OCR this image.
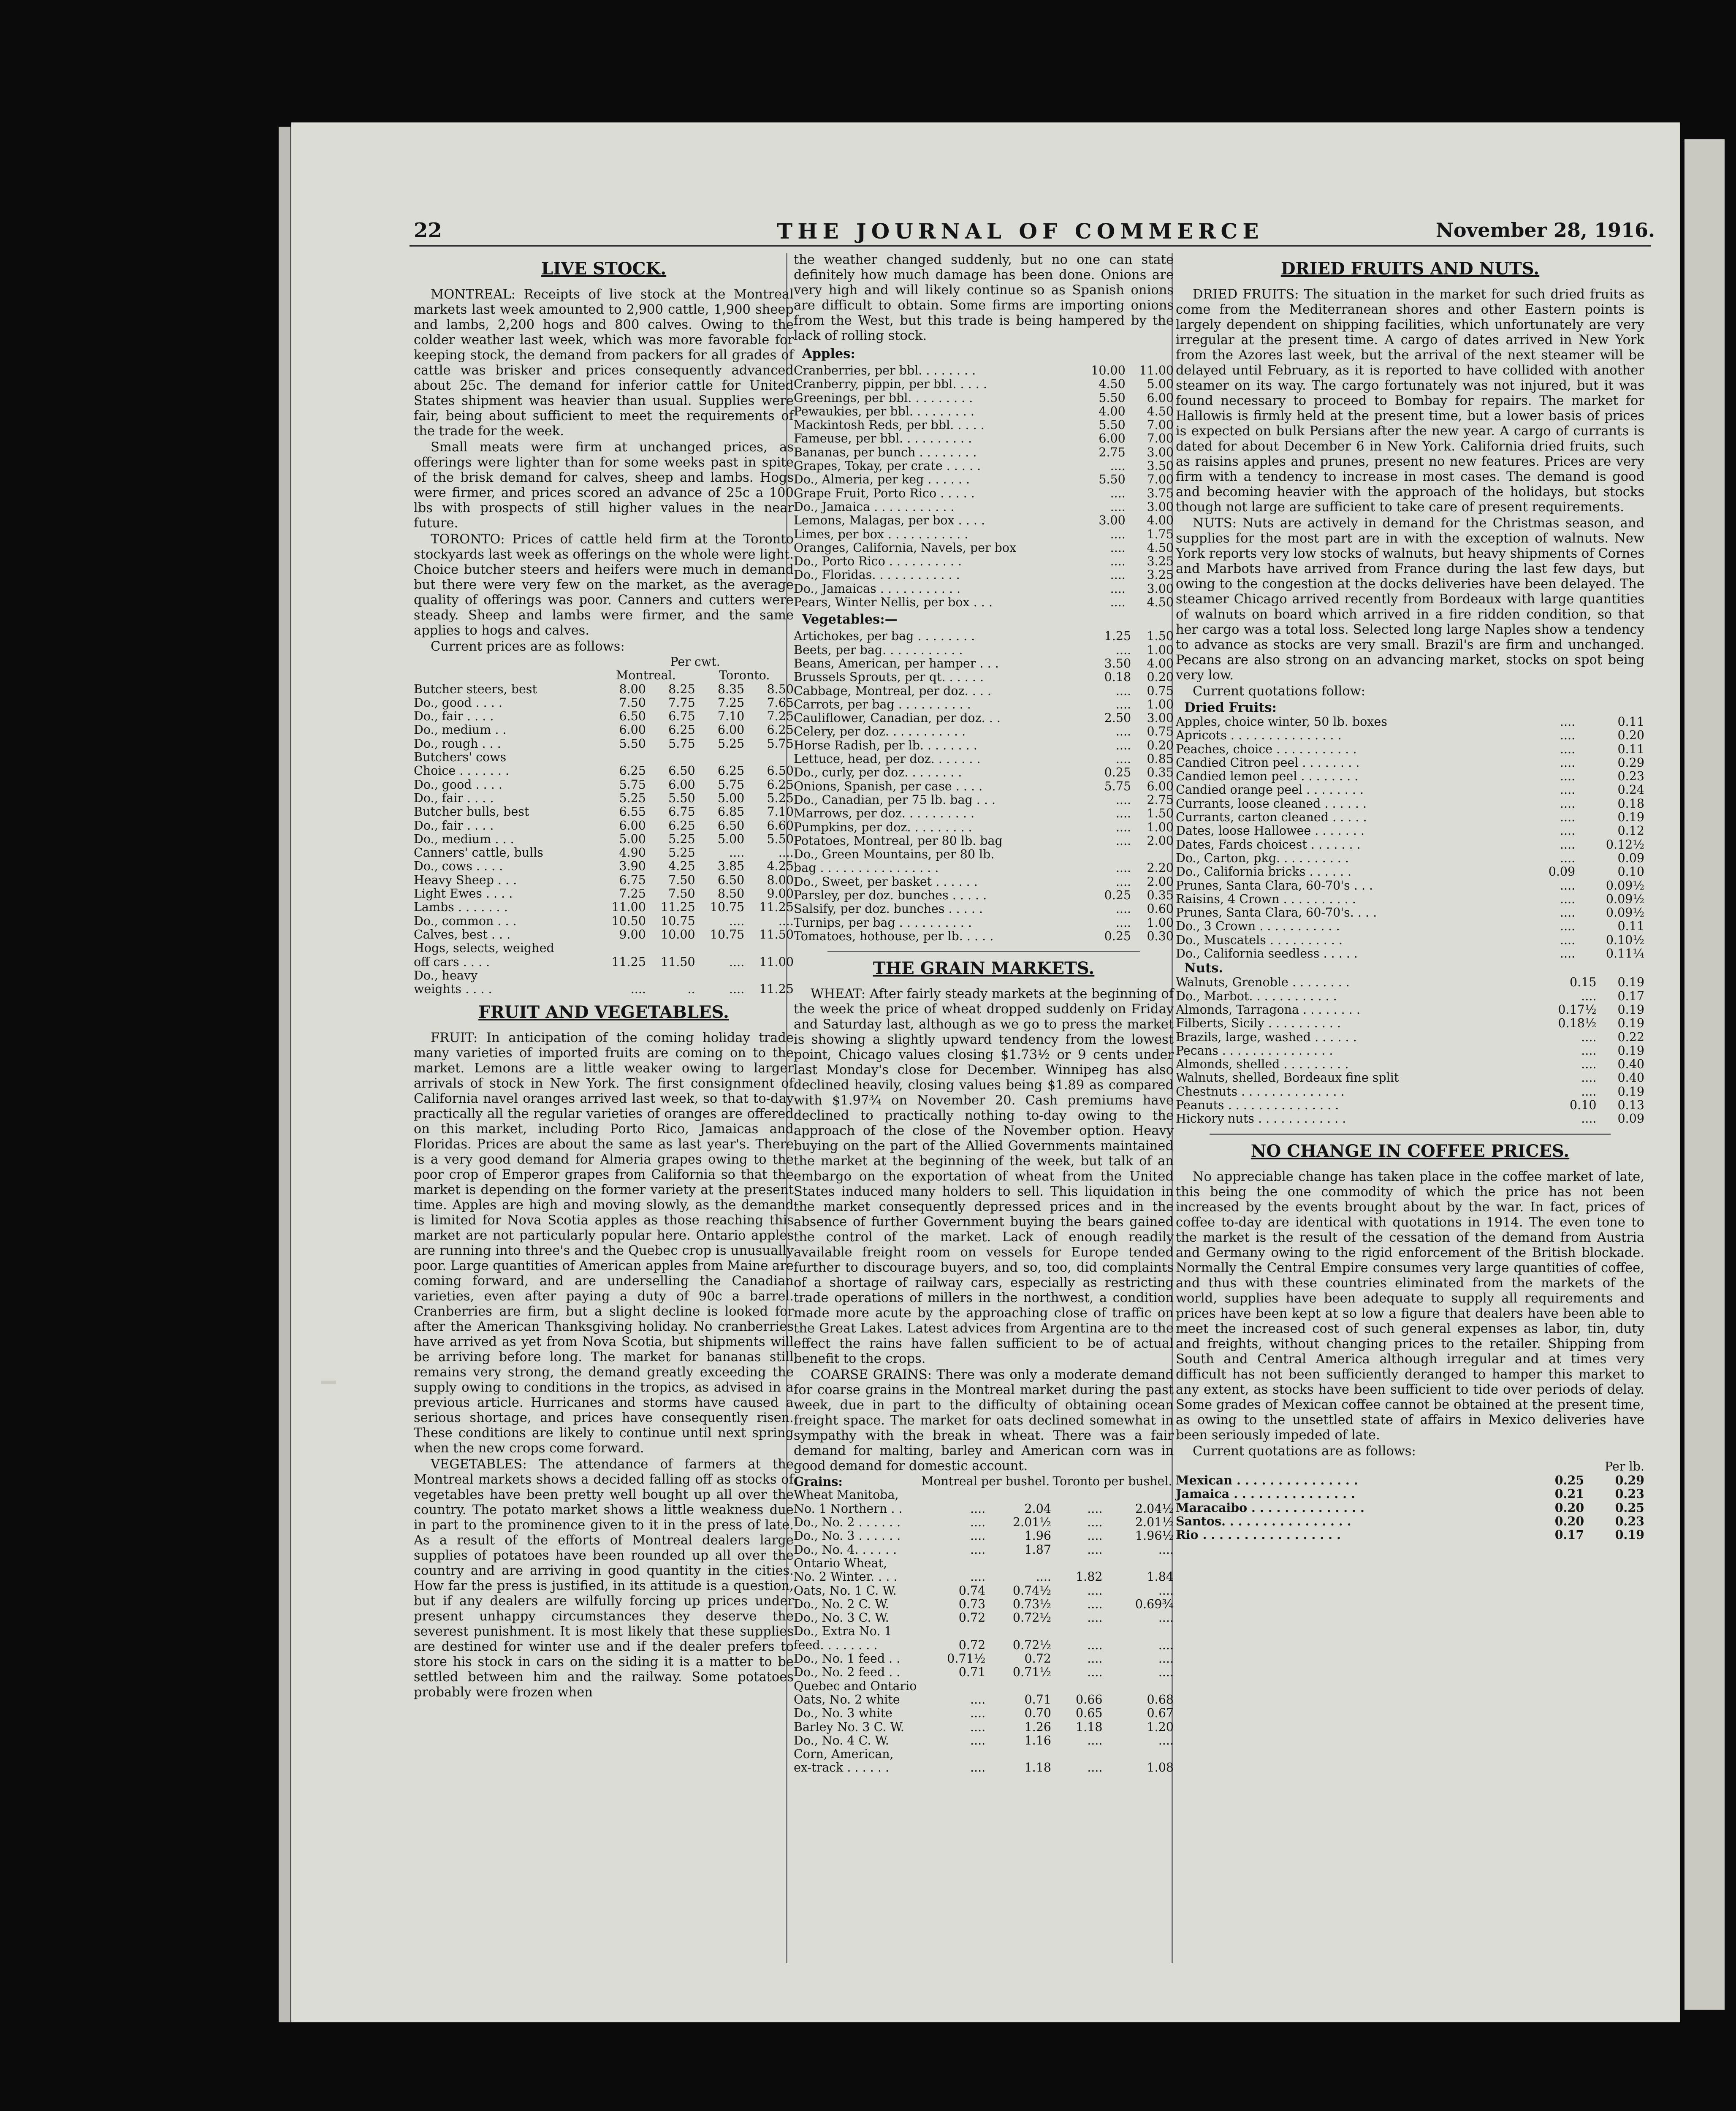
22	THE JOURNAL OF COMMERCE	November 28, 1916.
LIVE STOCK.

MONTREAL: Receipts of live stock at the Montreal markets last week amounted to 2,900 cattle, 1,900 sheep and lambs, 2,200 hogs and 800 calves. Owing to the colder weather last week, which was more favorable for keeping stock, the demand from packers for all grades of cattle was brisker and prices consequently advanced about 25c. The demand for inferior cattle for United States shipment was heavier than usual. Supplies were fair, being about sufficient to meet the requirements of the trade for the week.

Small meats were firm at unchanged prices, as offerings were lighter than for some weeks past in spite of the brisk demand for calves, sheep and lambs. Hogs were firmer, and prices scored an advance of 25c a 100 lbs with prospects of still higher values in the near future.

TORONTO: Prices of cattle held firm at the Toronto stockyards last week as offerings on the whole were light. Choice butcher steers and heifers were much in demand but there were very few on the market, as the average quality of offerings was poor. Canners and cutters were steady. Sheep and lambs were firmer, and the same applies to hogs and calves.

Current prices are as follows:

	Per cwt.			
	Montreal.		Toronto.	
Butcher steers, best	8.00	8.25	8.35	8.50
Do., good . . . .	7.50	7.75	7.25	7.65
Do., fair . . . .	6.50	6.75	7.10	7.25
Do., medium . .	6.00	6.25	6.00	6.25
Do., rough . . .	5.50	5.75	5.25	5.75
Butchers' cows				
Choice . . . . . . .	6.25	6.50	6.25	6.50
Do., good . . . .	5.75	6.00	5.75	6.25
Do., fair . . . .	5.25	5.50	5.00	5.25
Butcher bulls, best	6.55	6.75	6.85	7.10
Do., fair . . . .	6.00	6.25	6.50	6.60
Do., medium . . .	5.00	5.25	5.00	5.50
Canners' cattle, bulls	4.90	5.25	....	....
Do., cows . . . .	3.90	4.25	3.85	4.25
Heavy Sheep . . .	6.75	7.50	6.50	8.00
Light Ewes . . . .	7.25	7.50	8.50	9.00
Lambs . . . . . . .	11.00	11.25	10.75	11.25
Do., common . . .	10.50	10.75	....	....
Calves, best . . .	9.00	10.00	10.75	11.50
Hogs, selects, weighed				
off cars . . . .	11.25	11.50	....	11.00
Do., heavy				
weights . . . .	....	..	....	11.25
FRUIT AND VEGETABLES.

FRUIT: In anticipation of the coming holiday trade many varieties of imported fruits are coming on to the market. Lemons are a little weaker owing to larger arrivals of stock in New York. The first consignment of California navel oranges arrived last week, so that to-day practically all the regular varieties of oranges are offered on this market, including Porto Rico, Jamaicas and Floridas. Prices are about the same as last year's. There is a very good demand for Almeria grapes owing to the poor crop of Emperor grapes from California so that the market is depending on the former variety at the present time. Apples are high and moving slowly, as the demand is limited for Nova Scotia apples as those reaching this market are not particularly popular here. Ontario apples are running into three's and the Quebec crop is unusually poor. Large quantities of American apples from Maine are coming forward, and are underselling the Canadian varieties, even after paying a duty of 90c a barrel. Cranberries are firm, but a slight decline is looked for after the American Thanksgiving holiday. No cranberries have arrived as yet from Nova Scotia, but shipments will be arriving before long. The market for bananas still remains very strong, the demand greatly exceeding the supply owing to conditions in the tropics, as advised in a previous article. Hurricanes and storms have caused a serious shortage, and prices have consequently risen. These conditions are likely to continue until next spring when the new crops come forward.

VEGETABLES: The attendance of farmers at the Montreal markets shows a decided falling off as stocks of vegetables have been pretty well bought up all over the country. The potato market shows a little weakness due in part to the prominence given to it in the press of late. As a result of the efforts of Montreal dealers large supplies of potatoes have been rounded up all over the country and are arriving in good quantity in the cities. How far the press is justified, in its attitude is a question, but if any dealers are wilfully forcing up prices under present unhappy circumstances they deserve the severest punishment. It is most likely that these supplies are destined for winter use and if the dealer prefers to store his stock in cars on the siding it is a matter to be settled between him and the railway. Some potatoes probably were frozen when

the weather changed suddenly, but no one can state definitely how much damage has been done. Onions are very high and will likely continue so as Spanish onions are difficult to obtain. Some firms are importing onions from the West, but this trade is being hampered by the lack of rolling stock.

Apples:
Cranberries, per bbl. . . . . . . .	10.00	11.00
Cranberry, pippin, per bbl. . . . .	4.50	5.00
Greenings, per bbl. . . . . . . . .	5.50	6.00
Pewaukies, per bbl. . . . . . . . .	4.00	4.50
Mackintosh Reds, per bbl. . . . .	5.50	7.00
Fameuse, per bbl. . . . . . . . . .	6.00	7.00
Bananas, per bunch . . . . . . . .	2.75	3.00
Grapes, Tokay, per crate . . . . .	....	3.50
Do., Almeria, per keg . . . . . .	5.50	7.00
Grape Fruit, Porto Rico . . . . .	....	3.75
Do., Jamaica . . . . . . . . . . .	....	3.00
Lemons, Malagas, per box . . . .	3.00	4.00
Limes, per box . . . . . . . . . . .	....	1.75
Oranges, California, Navels, per box	....	4.50
Do., Porto Rico . . . . . . . . . .	....	3.25
Do., Floridas. . . . . . . . . . . .	....	3.25
Do., Jamaicas . . . . . . . . . . .	....	3.00
Pears, Winter Nellis, per box . . .	....	4.50
Vegetables:—
Artichokes, per bag . . . . . . . .	1.25	1.50
Beets, per bag. . . . . . . . . . .	....	1.00
Beans, American, per hamper . . .	3.50	4.00
Brussels Sprouts, per qt. . . . . .	0.18	0.20
Cabbage, Montreal, per doz. . . .	....	0.75
Carrots, per bag . . . . . . . . . .	....	1.00
Cauliflower, Canadian, per doz. . .	2.50	3.00
Celery, per doz. . . . . . . . . . .	....	0.75
Horse Radish, per lb. . . . . . . .	....	0.20
Lettuce, head, per doz. . . . . . .	....	0.85
Do., curly, per doz. . . . . . . .	0.25	0.35
Onions, Spanish, per case . . . .	5.75	6.00
Do., Canadian, per 75 lb. bag . . .	....	2.75
Marrows, per doz. . . . . . . . . .	....	1.50
Pumpkins, per doz. . . . . . . . .	....	1.00
Potatoes, Montreal, per 80 lb. bag	....	2.00
Do., Green Mountains, per 80 lb.		
bag . . . . . . . . . . . . . . . .	....	2.20
Do., Sweet, per basket . . . . . .	....	2.00
Parsley, per doz. bunches . . . . .	0.25	0.35
Salsify, per doz. bunches . . . . .	....	0.60
Turnips, per bag . . . . . . . . . .	....	1.00
Tomatoes, hothouse, per lb. . . . .	0.25	0.30
THE GRAIN MARKETS.

WHEAT: After fairly steady markets at the beginning of the week the price of wheat dropped suddenly on Friday and Saturday last, although as we go to press the market is showing a slightly upward tendency from the lowest point, Chicago values closing $1.73½ or 9 cents under last Monday's close for December. Winnipeg has also declined heavily, closing values being $1.89 as compared with $1.97¾ on November 20. Cash premiums have declined to practically nothing to-day owing to the approach of the close of the November option. Heavy buying on the part of the Allied Governments maintained the market at the beginning of the week, but talk of an embargo on the exportation of wheat from the United States induced many holders to sell. This liquidation in the market consequently depressed prices and in the absence of further Government buying the bears gained the control of the market. Lack of enough readily available freight room on vessels for Europe tended further to discourage buyers, and so, too, did complaints of a shortage of railway cars, especially as restricting trade operations of millers in the northwest, a condition made more acute by the approaching close of traffic on the Great Lakes. Latest advices from Argentina are to the effect the rains have fallen sufficient to be of actual benefit to the crops.

COARSE GRAINS: There was only a moderate demand for coarse grains in the Montreal market during the past week, due in part to the difficulty of obtaining ocean freight space. The market for oats declined somewhat in sympathy with the break in wheat. There was a fair demand for malting, barley and American corn was in good demand for domestic account.

Grains:	Montreal per bushel.		Toronto per bushel.	
Wheat Manitoba,				
No. 1 Northern . .	....	2.04	....	2.04½
Do., No. 2 . . . . . .	....	2.01½	....	2.01½
Do., No. 3 . . . . . .	....	1.96	....	1.96½
Do., No. 4. . . . . .	....	1.87	....	....
Ontario Wheat,				
No. 2 Winter. . . .	....	....	1.82	1.84
Oats, No. 1 C. W.	0.74	0.74½	....	....
Do., No. 2 C. W.	0.73	0.73½	....	0.69¾
Do., No. 3 C. W.	0.72	0.72½	....	....
Do., Extra No. 1				
feed. . . . . . . .	0.72	0.72½	....	....
Do., No. 1 feed . .	0.71½	0.72	....	....
Do., No. 2 feed . .	0.71	0.71½	....	....
Quebec and Ontario				
Oats, No. 2 white	....	0.71	0.66	0.68
Do., No. 3 white	....	0.70	0.65	0.67
Barley No. 3 C. W.	....	1.26	1.18	1.20
Do., No. 4 C. W.	....	1.16	....	....
Corn, American,				
ex-track . . . . . .	....	1.18	....	1.08
DRIED FRUITS AND NUTS.

DRIED FRUITS: The situation in the market for such dried fruits as come from the Mediterranean shores and other Eastern points is largely dependent on shipping facilities, which unfortunately are very irregular at the present time. A cargo of dates arrived in New York from the Azores last week, but the arrival of the next steamer will be delayed until February, as it is reported to have collided with another steamer on its way. The cargo fortunately was not injured, but it was found necessary to proceed to Bombay for repairs. The market for Hallowis is firmly held at the present time, but a lower basis of prices is expected on bulk Persians after the new year. A cargo of currants is dated for about December 6 in New York. California dried fruits, such as raisins apples and prunes, present no new features. Prices are very firm with a tendency to increase in most cases. The demand is good and becoming heavier with the approach of the holidays, but stocks though not large are sufficient to take care of present requirements.

NUTS: Nuts are actively in demand for the Christmas season, and supplies for the most part are in with the exception of walnuts. New York reports very low stocks of walnuts, but heavy shipments of Cornes and Marbots have arrived from France during the last few days, but owing to the congestion at the docks deliveries have been delayed. The steamer Chicago arrived recently from Bordeaux with large quantities of walnuts on board which arrived in a fire ridden condition, so that her cargo was a total loss. Selected long large Naples show a tendency to advance as stocks are very small. Brazil's are firm and unchanged. Pecans are also strong on an advancing market, stocks on spot being very low.

Current quotations follow:

Dried Fruits:
Apples, choice winter, 50 lb. boxes	....	0.11
Apricots . . . . . . . . . . . . . . .	....	0.20
Peaches, choice . . . . . . . . . . .	....	0.11
Candied Citron peel . . . . . . . .	....	0.29
Candied lemon peel . . . . . . . .	....	0.23
Candied orange peel . . . . . . . .	....	0.24
Currants, loose cleaned . . . . . .	....	0.18
Currants, carton cleaned . . . . .	....	0.19
Dates, loose Hallowee . . . . . . .	....	0.12
Dates, Fards choicest . . . . . . .	....	0.12½
Do., Carton, pkg. . . . . . . . . .	....	0.09
Do., California bricks . . . . . .	0.09	0.10
Prunes, Santa Clara, 60-70's . . .	....	0.09½
Raisins, 4 Crown . . . . . . . . . .	....	0.09½
Prunes, Santa Clara, 60-70's. . . .	....	0.09½
Do., 3 Crown . . . . . . . . . . .	....	0.11
Do., Muscatels . . . . . . . . . .	....	0.10½
Do., California seedless . . . . .	....	0.11¼
Nuts.
Walnuts, Grenoble . . . . . . . .	0.15	0.19
Do., Marbot. . . . . . . . . . . .	....	0.17
Almonds, Tarragona . . . . . . . .	0.17½	0.19
Filberts, Sicily . . . . . . . . . .	0.18½	0.19
Brazils, large, washed . . . . . .	....	0.22
Pecans . . . . . . . . . . . . . . .	....	0.19
Almonds, shelled . . . . . . . . .	....	0.40
Walnuts, shelled, Bordeaux fine split	....	0.40
Chestnuts . . . . . . . . . . . . . .	....	0.19
Peanuts . . . . . . . . . . . . . . .	0.10	0.13
Hickory nuts . . . . . . . . . . . .	....	0.09
NO CHANGE IN COFFEE PRICES.

No appreciable change has taken place in the coffee market of late, this being the one commodity of which the price has not been increased by the events brought about by the war. In fact, prices of coffee to-day are identical with quotations in 1914. The even tone to the market is the result of the cessation of the demand from Austria and Germany owing to the rigid enforcement of the British blockade. Normally the Central Empire consumes very large quantities of coffee, and thus with these countries eliminated from the markets of the world, supplies have been adequate to supply all requirements and prices have been kept at so low a figure that dealers have been able to meet the increased cost of such general expenses as labor, tin, duty and freights, without changing prices to the retailer. Shipping from South and Central America although irregular and at times very difficult has not been sufficiently deranged to hamper this market to any extent, as stocks have been sufficient to tide over periods of delay. Some grades of Mexican coffee cannot be obtained at the present time, as owing to the unsettled state of affairs in Mexico deliveries have been seriously impeded of late.

Current quotations are as follows:

	Per lb.	
Mexican . . . . . . . . . . . . . . .	0.25	0.29
Jamaica . . . . . . . . . . . . . . .	0.21	0.23
Maracaibo . . . . . . . . . . . . . .	0.20	0.25
Santos. . . . . . . . . . . . . . . .	0.20	0.23
Rio . . . . . . . . . . . . . . . . .	0.17	0.19
